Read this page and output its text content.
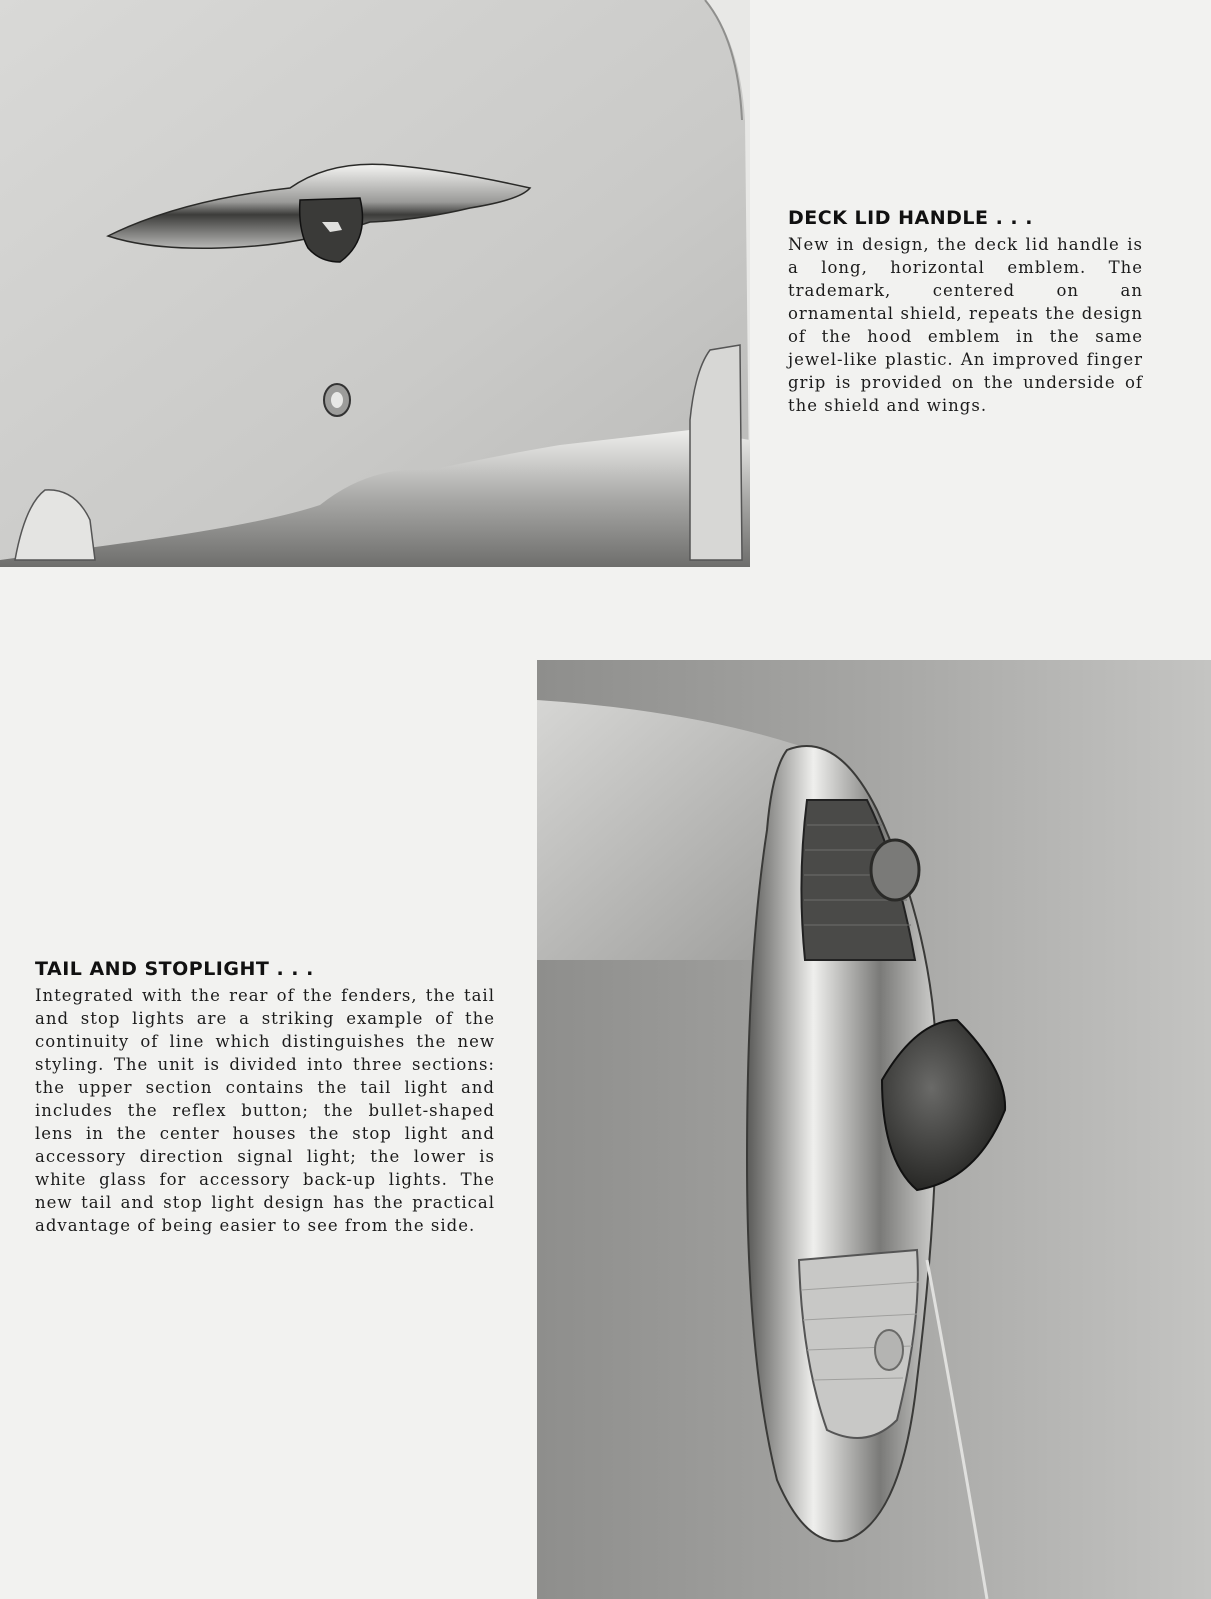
DECK LID HANDLE . . .

New in design, the deck lid handle is a long, horizontal emblem. The trademark, centered on an ornamental shield, repeats the design of the hood emblem in the same jewel-like plastic. An improved finger grip is provided on the underside of the shield and wings.

TAIL AND STOPLIGHT . . .

Integrated with the rear of the fenders, the tail and stop lights are a striking example of the continuity of line which distinguishes the new styling. The unit is divided into three sections: the upper section contains the tail light and includes the reflex button; the bullet-shaped lens in the center houses the stop light and accessory direction signal light; the lower is white glass for accessory back-up lights. The new tail and stop light design has the practical advantage of being easier to see from the side.
